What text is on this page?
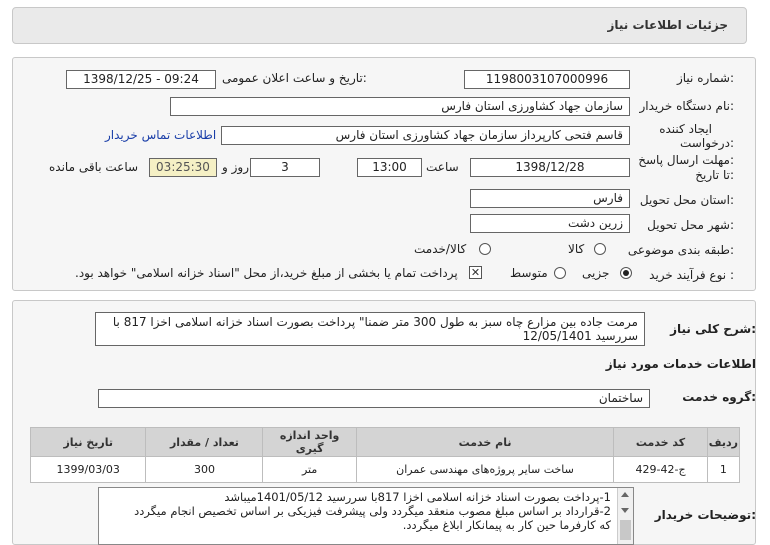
جزئیات اطلاعات نیاز
شماره نیاز:
1198003107000996
تاریخ و ساعت اعلان عمومی:
1398/12/25 - 09:24
نام دستگاه خریدار:
سازمان جهاد کشاورزی استان فارس
ایجاد کننده
درخواست:
قاسم فتحی کارپرداز سازمان جهاد کشاورزی استان فارس
اطلاعات تماس خریدار
مهلت ارسال پاسخ:
تا تاریخ:
1398/12/28
ساعت
13:00
روز و	3
03:25:30
ساعت باقی مانده
استان محل تحویل:
فارس
شهر محل تحویل:
زرین دشت
طبقه بندی موضوعی:
کالا
کالا/خدمت
نوع فرآیند خرید :
جزیی
متوسط
✕
پرداخت تمام یا بخشی از مبلغ خرید،از محل "اسناد خزانه اسلامی" خواهد بود.
شرح کلی نیاز:
مرمت جاده بین مزارع چاه سبز به طول 300 متر ضمنا" پرداخت بصورت اسناد خزانه اسلامی اخزا 817 با سررسید 12/05/1401
اطلاعات خدمات مورد نیاز
گروه خدمت:
ساختمان
ردیف	کد خدمت	نام خدمت	واحد اندازه گیری	تعداد / مقدار	تاریخ نیاز
1	ج-42-429	ساخت سایر پروژه‌های مهندسی عمران	متر	300	1399/03/03
توضیحات خریدار:
1-پرداخت بصورت اسناد خزانه اسلامی اخزا 817با سررسید 1401/05/12میباشد
2-قرارداد بر اساس مبلغ مصوب منعقد میگردد ولی پیشرفت فیزیکی بر اساس تخصیص انجام میگردد
که کارفرما حین کار به پیمانکار ابلاغ میگردد.
